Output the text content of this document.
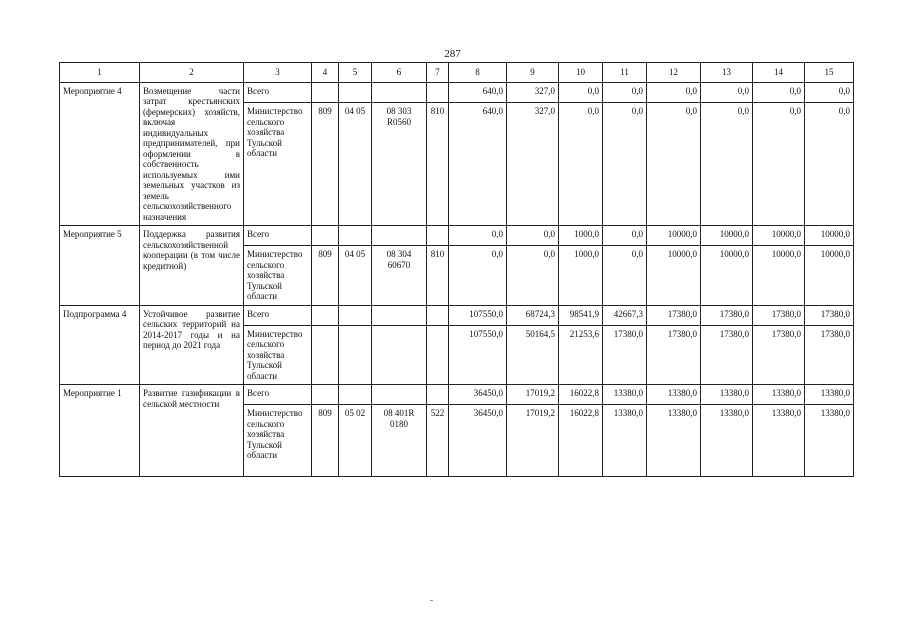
287
1	2	3	4	5	6	7	8	9	10	11	12	13	14	15
Мероприятие 4	Возмещение части затрат крестьянских (фермерских) хозяйств, включая индивидуальных предпринимателей, при оформлении в собственность используемых ими земельных участков из земель сельскохозяйственного назначения	Всего					640,0	327,0	0,0	0,0	0,0	0,0	0,0	0,0
		Министерство сельского хозяйства Тульской области	809	04 05	08 303 R0560	810	640,0	327,0	0,0	0,0	0,0	0,0	0,0	0,0
Мероприятие 5	Поддержка развития сельскохозяйственной кооперации (в том числе кредитной)	Всего					0,0	0,0	1000,0	0,0	10000,0	10000,0	10000,0	10000,0
		Министерство сельского хозяйства Тульской области	809	04 05	08 304 60670	810	0,0	0,0	1000,0	0,0	10000,0	10000,0	10000,0	10000,0
Подпрограмма 4	Устойчивое развитие сельских территорий на 2014-2017 годы и на период до 2021 года	Всего					107550,0	68724,3	98541,9	42667,3	17380,0	17380,0	17380,0	17380,0
		Министерство сельского хозяйства Тульской области					107550,0	50164,5	21253,6	17380,0	17380,0	17380,0	17380,0	17380,0
Мероприятие 1	Развитие газификации в сельской местности	Всего					36450,0	17019,2	16022,8	13380,0	13380,0	13380,0	13380,0	13380,0
		Министерство сельского хозяйства Тульской области	809	05 02	08 401R 0180	522	36450,0	17019,2	16022,8	13380,0	13380,0	13380,0	13380,0	13380,0
